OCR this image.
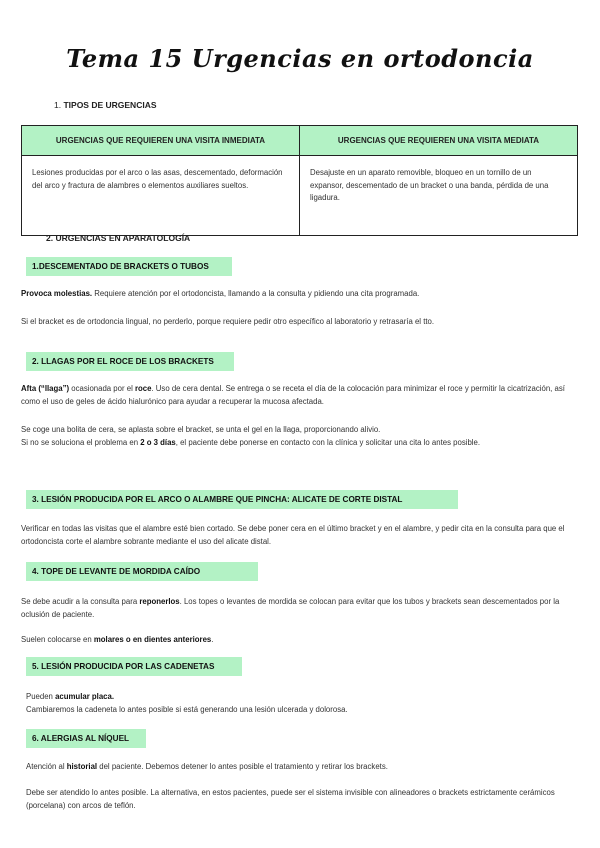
Tema 15 Urgencias en ortodoncia
1. TIPOS DE URGENCIAS
URGENCIAS QUE REQUIEREN UNA VISITA INMEDIATA	URGENCIAS QUE REQUIEREN UNA VISITA MEDIATA
Lesiones producidas por el arco o las asas, descementado, deformación del arco y fractura de alambres o elementos auxiliares sueltos.	Desajuste en un aparato removible, bloqueo en un tornillo de un expansor, descementado de un bracket o una banda, pérdida de una ligadura.
2. URGENCIAS EN APARATOLOGÍA
1.DESCEMENTADO DE BRACKETS O TUBOS
Provoca molestias. Requiere atención por el ortodoncista, llamando a la consulta y pidiendo una cita programada.
Si el bracket es de ortodoncia lingual, no perderlo, porque requiere pedir otro específico al laboratorio y retrasaría el tto.
2. LLAGAS POR EL ROCE DE LOS BRACKETS
Afta (“llaga”) ocasionada por el roce. Uso de cera dental. Se entrega o se receta el día de la colocación para minimizar el roce y permitir la cicatrización, así como el uso de geles de ácido hialurónico para ayudar a recuperar la mucosa afectada.
Se coge una bolita de cera, se aplasta sobre el bracket, se unta el gel en la llaga, proporcionando alivio.
Si no se soluciona el problema en 2 o 3 días, el paciente debe ponerse en contacto con la clínica y solicitar una cita lo antes posible.
3. LESIÓN PRODUCIDA POR EL ARCO O ALAMBRE QUE PINCHA: ALICATE DE CORTE DISTAL
Verificar en todas las visitas que el alambre esté bien cortado. Se debe poner cera en el último bracket y en el alambre, y pedir cita en la consulta para que el ortodoncista corte el alambre sobrante mediante el uso del alicate distal.
4. TOPE DE LEVANTE DE MORDIDA CAÍDO
Se debe acudir a la consulta para reponerlos. Los topes o levantes de mordida se colocan para evitar que los tubos y brackets sean descementados por la oclusión de paciente.
Suelen colocarse en molares o en dientes anteriores.
5. LESIÓN PRODUCIDA POR LAS CADENETAS
Pueden acumular placa.
Cambiaremos la cadeneta lo antes posible si está generando una lesión ulcerada y dolorosa.
6. ALERGIAS AL NÍQUEL
Atención al historial del paciente. Debemos detener lo antes posible el tratamiento y retirar los brackets.
Debe ser atendido lo antes posible. La alternativa, en estos pacientes, puede ser el sistema invisible con alineadores o brackets estrictamente cerámicos (porcelana) con arcos de teflón.
